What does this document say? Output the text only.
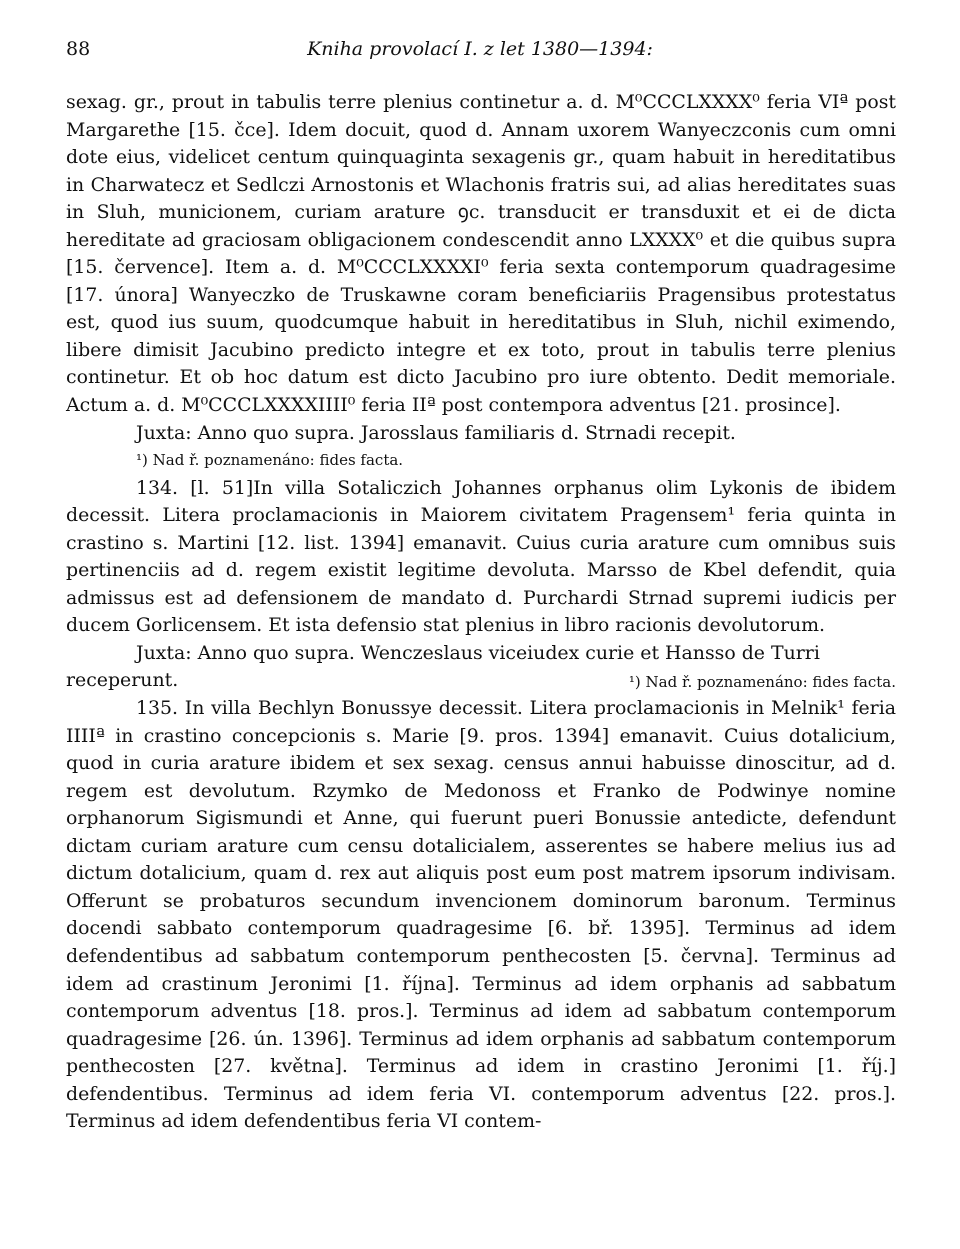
88	Kniha provolací I. z let 1380—1394:

sexag. gr., prout in tabulis terre plenius continetur a. d. M⁰CCCLXXXX⁰ feria VIª post Margarethe [15. čce]. Idem docuit, quod d. Annam uxorem Wanyeczconis cum omni dote eius, videlicet centum quinquaginta sexagenis gr., quam habuit in hereditatibus in Charwatecz et Sedlczi Arnostonis et Wlachonis fratris sui, ad alias hereditates suas in Sluh, municionem, curiam arature ꝯc. transducit er transduxit et ei de dicta hereditate ad graciosam obligacionem condescendit anno LXXXX⁰ et die quibus supra [15. července]. Item a. d. M⁰CCCLXXXXI⁰ feria sexta contemporum quadragesime [17. února] Wanyeczko de Truskawne coram beneficiariis Pragensibus protestatus est, quod ius suum, quodcumque habuit in hereditatibus in Sluh, nichil eximendo, libere dimisit Jacubino predicto integre et ex toto, prout in tabulis terre plenius continetur. Et ob hoc datum est dicto Jacubino pro iure obtento. Dedit memoriale. Actum a. d. M⁰CCCLXXXXIIII⁰ feria IIª post contempora adventus [21. prosince].

Juxta: Anno quo supra. Jarosslaus familiaris d. Strnadi recepit.

¹) Nad ř. poznamenáno: fides facta.

134. [l. 51]In villa Sotaliczich Johannes orphanus olim Lykonis de ibidem decessit. Litera proclamacionis in Maiorem civitatem Pragensem¹ feria quinta in crastino s. Martini [12. list. 1394] emanavit. Cuius curia arature cum omnibus suis pertinenciis ad d. regem existit legitime devoluta. Marsso de Kbel defendit, quia admissus est ad defensionem de mandato d. Purchardi Strnad supremi iudicis per ducem Gorlicensem. Et ista defensio stat plenius in libro racionis devolutorum.

Juxta: Anno quo supra. Wenczeslaus viceiudex curie et Hansso de Turri

receperunt.	¹) Nad ř. poznamenáno: fides facta.

135. In villa Bechlyn Bonussye decessit. Litera proclamacionis in Melnik¹ feria IIIIª in crastino concepcionis s. Marie [9. pros. 1394] emanavit. Cuius dotalicium, quod in curia arature ibidem et sex sexag. census annui habuisse dinoscitur, ad d. regem est devolutum. Rzymko de Medonoss et Franko de Podwinye nomine orphanorum Sigismundi et Anne, qui fuerunt pueri Bonussie antedicte, defendunt dictam curiam arature cum censu dotalicialem, asserentes se habere melius ius ad dictum dotalicium, quam d. rex aut aliquis post eum post matrem ipsorum indivisam. Offerunt se probaturos secundum invencionem dominorum baronum. Terminus docendi sabbato contemporum quadragesime [6. bř. 1395]. Terminus ad idem defendentibus ad sabbatum contemporum penthecosten [5. června]. Terminus ad idem ad crastinum Jeronimi [1. října]. Terminus ad idem orphanis ad sabbatum contemporum adventus [18. pros.]. Terminus ad idem ad sabbatum contemporum quadragesime [26. ún. 1396]. Terminus ad idem orphanis ad sabbatum contemporum penthecosten [27. května]. Terminus ad idem in crastino Jeronimi [1. říj.] defendentibus. Terminus ad idem feria VI. contemporum adventus [22. pros.]. Terminus ad idem defendentibus feria VI contem-
